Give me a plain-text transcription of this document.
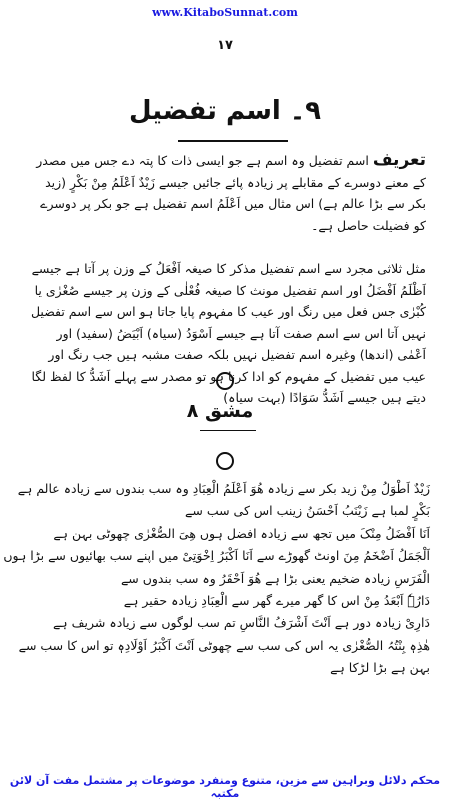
www.KitaboSunnat.com
۱۷
۹۔ اسم تفضیل
تعریف اسم تفضیل وہ اسم ہے جو ایسی ذات کا پتہ دے جس میں مصدر کے معنے دوسرے کے مقابلے پر زیادہ پائے جائیں جیسے زَیْدٌ اَعْلَمُ مِنْ بَکْرٍ (زید بکر سے بڑا عالم ہے) اس مثال میں اَعْلَمُ اسم تفضیل ہے جو بکر پر دوسرے کو فضیلت حاصل ہے۔
مثل ثلاثی مجرد سے اسم تفضیل مذکر کا صیغہ اَفْعَلُ کے وزن پر آتا ہے جیسے اَظْلَمُ اَفْضَلُ اور اسم تفضیل مونث کا صیغہ فُعْلٰی کے وزن پر جیسے صُغْرٰی یا کُبْرٰی جس فعل میں رنگ اور عیب کا مفہوم پایا جاتا ہو اس سے اسم تفضیل نہیں آتا اس سے اسم صفت آتا ہے جیسے اَسْوَدُ (سیاہ) اَبْیَضُ (سفید) اور اَعْمٰی (اندھا) وغیرہ اسم تفضیل نہیں بلکہ صفت مشبہ ہیں جب رنگ اور عیب میں تفضیل کے مفہوم کو ادا کرنا ہو تو مصدر سے پہلے اَشَدُّ کا لفظ لگا دیتے ہیں جیسے اَشَدُّ سَوَادًا (بہت سیاہ)
مشق ۸
زَیْدٌ اَطْوَلُ مِنْ زید بکر سے زیادہ هُوَ اَعْلَمُ الْعِبَادِ وہ سب بندوں سے زیادہ عالم ہے
بَکْرٍ لمبا ہے زَیْنَبُ اَحْسَنُ زینب اس کی سب سے
اَنَا اَفْضَلُ مِنْکَ میں تجھ سے زیادہ افضل ہوں هِیَ الصُّغْرٰی چھوٹی بہن ہے
اَلْجَمَلُ اَضْخَمُ مِنَ اونٹ گھوڑے سے اَنَا اَکْبَرُ اِخْوَتِیْ میں اپنے سب بھائیوں سے بڑا ہوں
الْفَرَسِ زیادہ ضخیم یعنی بڑا ہے هُوَ اَحْقَرُ وہ سب بندوں سے
دَارُہٗ اَبْعَدُ مِنْ اس کا گھر میرے گھر سے الْعِبَادِ زیادہ حقیر ہے
دَارِیْ زیادہ دور ہے اَنْتَ اَشْرَفُ النَّاسِ تم سب لوگوں سے زیادہ شریف ہے
هٰذِہٖ بِنْتُہُ الصُّغْرٰی یہ اس کی سب سے چھوٹی اَنْتَ اَکْبَرُ اَوْلَادِہٖ تو اس کا سب سے
بہن ہے بڑا لڑکا ہے
محکم دلائل وبراہین سے مزین، متنوع ومنفرد موضوعات پر مشتمل مفت آن لائن مکتبہ
